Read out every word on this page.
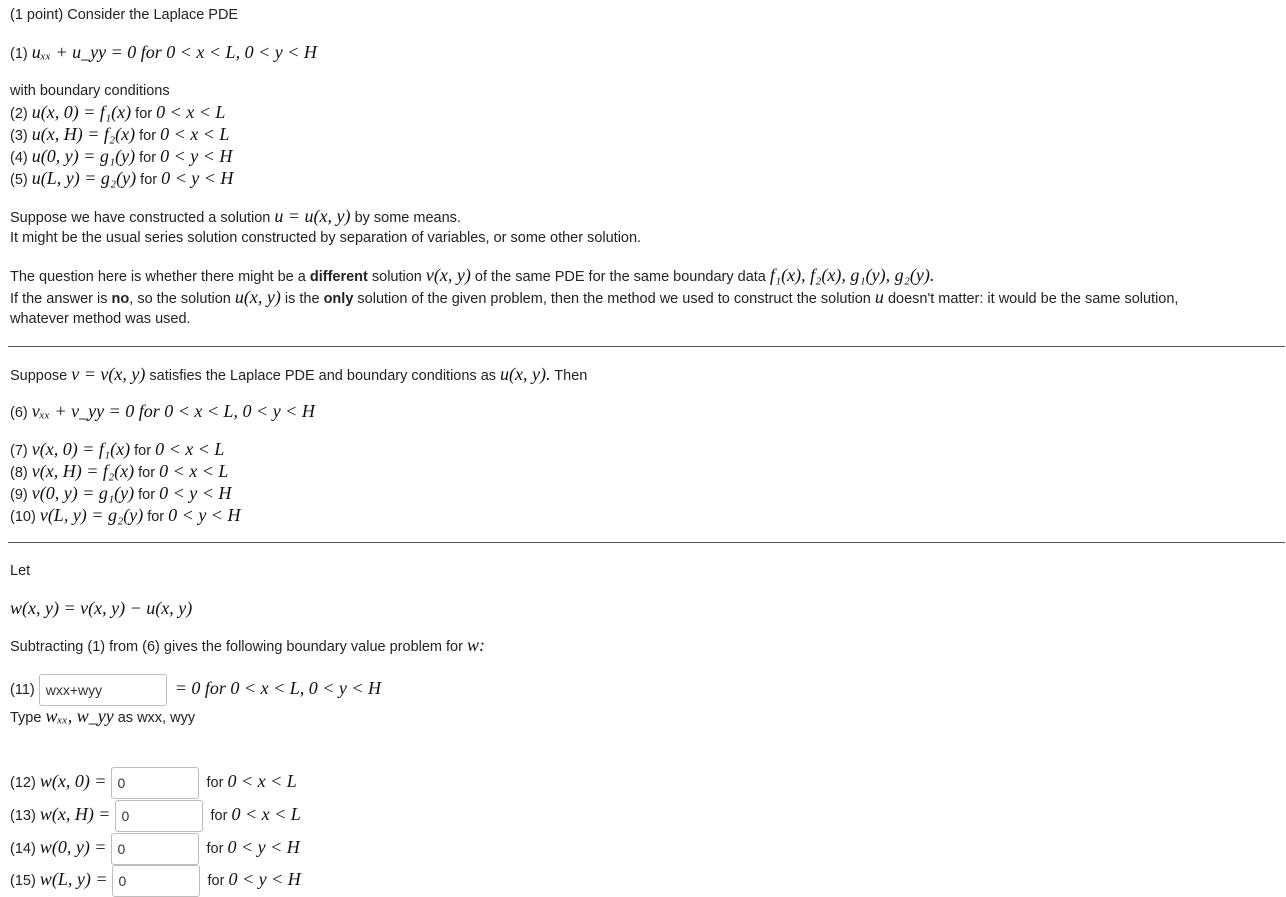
(1 point) Consider the Laplace PDE
(1) uₓₓ + u_yy = 0 for 0 < x < L, 0 < y < H
with boundary conditions
(2) u(x, 0) = f₁(x) for 0 < x < L
(3) u(x, H) = f₂(x) for 0 < x < L
(4) u(0, y) = g₁(y) for 0 < y < H
(5) u(L, y) = g₂(y) for 0 < y < H
Suppose we have constructed a solution u = u(x, y) by some means.
It might be the usual series solution constructed by separation of variables, or some other solution.
The question here is whether there might be a different solution v(x, y) of the same PDE for the same boundary data f₁(x), f₂(x), g₁(y), g₂(y).
If the answer is no, so the solution u(x, y) is the only solution of the given problem, then the method we used to construct the solution u doesn't matter: it would be the same solution,
whatever method was used.
Suppose v = v(x, y) satisfies the Laplace PDE and boundary conditions as u(x, y). Then
(6) vₓₓ + v_yy = 0 for 0 < x < L, 0 < y < H
(7) v(x, 0) = f₁(x) for 0 < x < L
(8) v(x, H) = f₂(x) for 0 < x < L
(9) v(0, y) = g₁(y) for 0 < y < H
(10) v(L, y) = g₂(y) for 0 < y < H
Let
w(x, y) = v(x, y) − u(x, y)
Subtracting (1) from (6) gives the following boundary value problem for w:
(11) wxx+wyy	= 0 for 0 < x < L, 0 < y < H
Type wₓₓ, w_yy as wxx, wyy
(12) w(x, 0) = 0	for 0 < x < L
(13) w(x, H) = 0	for 0 < x < L
(14) w(0, y) = 0	for 0 < y < H
(15) w(L, y) = 0	for 0 < y < H
